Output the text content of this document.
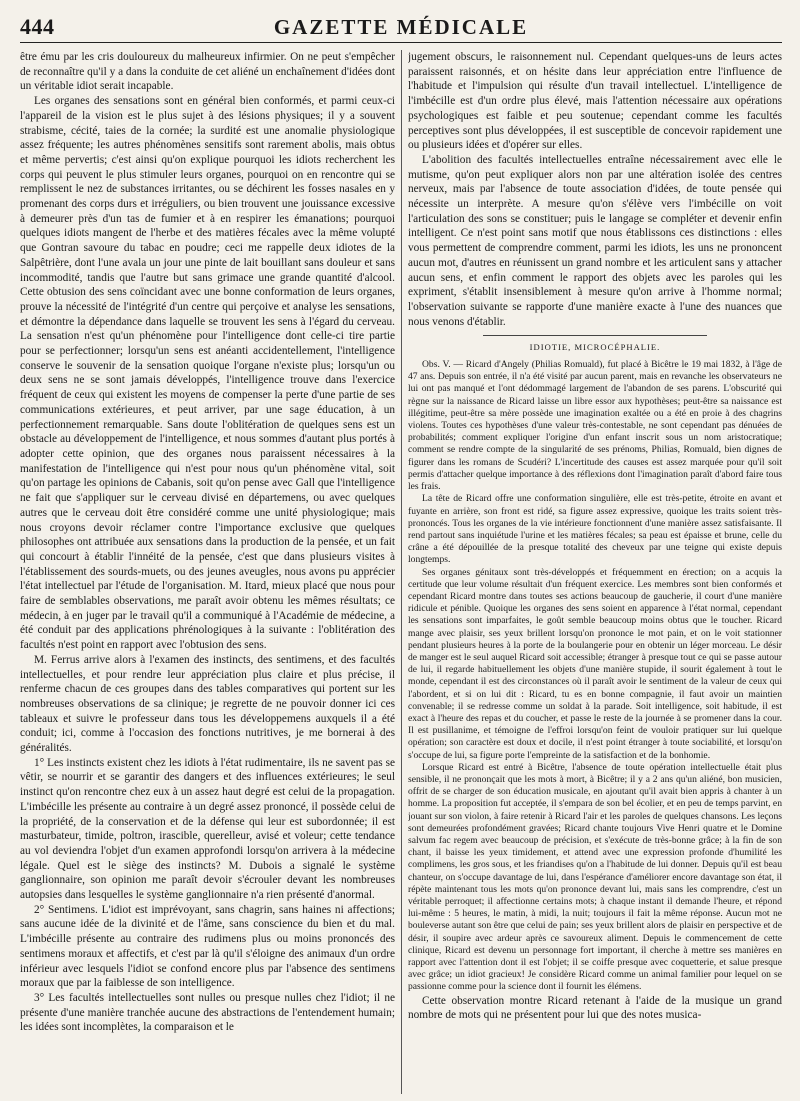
444	GAZETTE MÉDICALE

être ému par les cris douloureux du malheureux infirmier. On ne peut s'empêcher de reconnaître qu'il y a dans la conduite de cet aliéné un enchaînement d'idées dont un véritable idiot serait incapable.

Les organes des sensations sont en général bien conformés, et parmi ceux-ci l'appareil de la vision est le plus sujet à des lésions physiques; il y a souvent strabisme, cécité, taies de la cornée; la surdité est une anomalie physiologique assez fréquente; les autres phénomènes sensitifs sont rarement abolis, mais obtus et même pervertis; c'est ainsi qu'on explique pourquoi les idiots recherchent les corps qui peuvent le plus stimuler leurs organes, pourquoi on en rencontre qui se remplissent le nez de substances irritantes, ou se déchirent les fosses nasales en y promenant des corps durs et irréguliers, ou bien trouvent une jouissance excessive à demeurer près d'un tas de fumier et à en respirer les émanations; pourquoi quelques idiots mangent de l'herbe et des matières fécales avec la même volupté que Gontran savoure du tabac en poudre; ceci me rappelle deux idiotes de la Salpêtrière, dont l'une avala un jour une pinte de lait bouillant sans douleur et sans incommodité, tandis que l'autre but sans grimace une grande quantité d'alcool. Cette obtusion des sens coïncidant avec une bonne conformation de leurs organes, prouve la nécessité de l'intégrité d'un centre qui perçoive et analyse les sensations, et démontre la dépendance dans laquelle se trouvent les sens à l'égard du cerveau. La sensation n'est qu'un phénomène pour l'intelligence dont celle-ci tire partie pour se perfectionner; lorsqu'un sens est anéanti accidentellement, l'intelligence conserve le souvenir de la sensation quoique l'organe n'existe plus; lorsqu'un ou deux sens ne se sont jamais développés, l'intelligence trouve dans l'exercice fréquent de ceux qui existent les moyens de compenser la perte d'une partie de ses communications extérieures, et peut arriver, par une sage éducation, à un perfectionnement remarquable. Sans doute l'oblitération de quelques sens est un obstacle au développement de l'intelligence, et nous sommes d'autant plus portés à adopter cette opinion, que des organes nous paraissent nécessaires à la manifestation de l'intelligence qui n'est pour nous qu'un phénomène vital, soit qu'on partage les opinions de Cabanis, soit qu'on pense avec Gall que l'intelligence ne fait que s'appliquer sur le cerveau divisé en départemens, ou avec quelques autres que le cerveau doit être considéré comme une unité physiologique; mais nous croyons devoir réclamer contre l'importance exclusive que quelques philosophes ont attribuée aux sensations dans la production de la pensée, et un fait qui concourt à établir l'innéité de la pensée, c'est que dans plusieurs visites à l'établissement des sourds-muets, ou des jeunes aveugles, nous avons pu apprécier l'état intellectuel par l'étude de l'organisation. M. Itard, mieux placé que nous pour faire de semblables observations, me paraît avoir obtenu les mêmes résultats; ce médecin, à en juger par le travail qu'il a communiqué à l'Académie de médecine, a été conduit par des applications phrénologiques à la suivante : l'oblitération des facultés n'est point en rapport avec l'obtusion des sens.

M. Ferrus arrive alors à l'examen des instincts, des sentimens, et des facultés intellectuelles, et pour rendre leur appréciation plus claire et plus précise, il renferme chacun de ces groupes dans des tables comparatives qui portent sur les nombreuses observations de sa clinique; je regrette de ne pouvoir donner ici ces tableaux et suivre le professeur dans tous les développemens auxquels il a été conduit; ici, comme à l'occasion des fonctions nutritives, je me bornerai à des généralités.

1° Les instincts existent chez les idiots à l'état rudimentaire, ils ne savent pas se vêtir, se nourrir et se garantir des dangers et des influences extérieures; le seul instinct qu'on rencontre chez eux à un assez haut degré est celui de la propagation. L'imbécille les présente au contraire à un degré assez prononcé, il possède celui de la propriété, de la conservation et de la défense qui leur est subordonnée; il est masturbateur, timide, poltron, irascible, querelleur, avisé et voleur; cette tendance au vol deviendra l'objet d'un examen approfondi lorsqu'on arrivera à la médecine légale. Quel est le siège des instincts? M. Dubois a signalé le système ganglionnaire, son opinion me paraît devoir s'écrouler devant les nombreuses autopsies dans lesquelles le système ganglionnaire n'a rien présenté d'anormal.

2° Sentimens. L'idiot est imprévoyant, sans chagrin, sans haines ni affections; sans aucune idée de la divinité et de l'âme, sans conscience du bien et du mal. L'imbécille présente au contraire des rudimens plus ou moins prononcés des sentimens moraux et affectifs, et c'est par là qu'il s'éloigne des animaux d'un ordre inférieur avec lesquels l'idiot se confond encore plus par l'absence des sentimens moraux que par la faiblesse de son intelligence.

3° Les facultés intellectuelles sont nulles ou presque nulles chez l'idiot; il ne présente d'une manière tranchée aucune des abstractions de l'entendement humain; les idées sont incomplètes, la comparaison et le

jugement obscurs, le raisonnement nul. Cependant quelques-uns de leurs actes paraissent raisonnés, et on hésite dans leur appréciation entre l'influence de l'habitude et l'impulsion qui résulte d'un travail intellectuel. L'intelligence de l'imbécille est d'un ordre plus élevé, mais l'attention nécessaire aux opérations psychologiques est faible et peu soutenue; cependant comme les facultés perceptives sont plus développées, il est susceptible de concevoir rapidement une ou plusieurs idées et d'opérer sur elles.

L'abolition des facultés intellectuelles entraîne nécessairement avec elle le mutisme, qu'on peut expliquer alors non par une altération isolée des centres nerveux, mais par l'absence de toute association d'idées, de toute pensée qui nécessite un interprète. A mesure qu'on s'élève vers l'imbécille on voit l'articulation des sons se constituer; puis le langage se compléter et devenir enfin intelligent. Ce n'est point sans motif que nous établissons ces distinctions : elles vous permettent de comprendre comment, parmi les idiots, les uns ne prononcent aucun mot, d'autres en réunissent un grand nombre et les articulent sans y attacher aucun sens, et enfin comment le rapport des objets avec les paroles qui les expriment, s'établit insensiblement à mesure qu'on arrive à l'homme normal; l'observation suivante se rapporte d'une manière exacte à l'une des nuances que nous venons d'établir.

IDIOTIE, MICROCÉPHALIE.

Obs. V. — Ricard d'Angely (Philias Romuald), fut placé à Bicêtre le 19 mai 1832, à l'âge de 47 ans. Depuis son entrée, il n'a été visité par aucun parent, mais en revanche les observateurs ne lui ont pas manqué et l'ont dédommagé largement de l'abandon de ses parens. L'obscurité qui règne sur la naissance de Ricard laisse un libre essor aux hypothèses; peut-être sa naissance est illégitime, peut-être sa mère possède une imagination exaltée ou a été en proie à des chagrins violens. Toutes ces hypothèses d'une valeur très-contestable, ne sont cependant pas dénuées de probabilités; comment expliquer l'origine d'un enfant inscrit sous un nom aristocratique; comment se rendre compte de la singularité de ses prénoms, Philias, Romuald, bien dignes de figurer dans les romans de Scudéri? L'incertitude des causes est assez marquée pour qu'il soit permis d'attacher quelque importance à des réflexions dont l'imagination paraît d'abord faire tous les frais.

La tête de Ricard offre une conformation singulière, elle est très-petite, étroite en avant et fuyante en arrière, son front est ridé, sa figure assez expressive, quoique les traits soient très-prononcés. Tous les organes de la vie intérieure fonctionnent d'une manière assez satisfaisante. Il rend partout sans inquiétude l'urine et les matières fécales; sa peau est épaisse et brune, celle du crâne a été dépouillée de la presque totalité des cheveux par une teigne qui existe depuis longtemps.

Ses organes génitaux sont très-développés et fréquemment en érection; on a acquis la certitude que leur volume résultait d'un fréquent exercice. Les membres sont bien conformés et cependant Ricard montre dans toutes ses actions beaucoup de gaucherie, il court d'une manière ridicule et pénible. Quoique les organes des sens soient en apparence à l'état normal, cependant les sensations sont imparfaites, le goût semble beaucoup moins obtus que le toucher. Ricard mange avec plaisir, ses yeux brillent lorsqu'on prononce le mot pain, et on le voit stationner pendant plusieurs heures à la porte de la boulangerie pour en obtenir un léger morceau. Le désir de manger est le seul auquel Ricard soit accessible; étranger à presque tout ce qui se passe autour de lui, il regarde habituellement les objets d'une manière stupide, il sourit également à tout le monde, cependant il est des circonstances où il paraît avoir le sentiment de la valeur de ceux qui l'abordent, et si on lui dit : Ricard, tu es en bonne compagnie, il faut avoir un maintien convenable; il se redresse comme un soldat à la parade. Soit intelligence, soit habitude, il est exact à l'heure des repas et du coucher, et passe le reste de la journée à se promener dans la cour. Il est pusillanime, et témoigne de l'effroi lorsqu'on feint de vouloir pratiquer sur lui quelque opération; son caractère est doux et docile, il n'est point étranger à toute sociabilité, et lorsqu'on s'occupe de lui, sa figure porte l'empreinte de la satisfaction et de la bonhomie.

Lorsque Ricard est entré à Bicêtre, l'absence de toute opération intellectuelle était plus sensible, il ne prononçait que les mots à mort, à Bicêtre; il y a 2 ans qu'un aliéné, bon musicien, offrit de se charger de son éducation musicale, en ajoutant qu'il avait bien appris à chanter à un homme. La proposition fut acceptée, il s'empara de son bel écolier, et en peu de temps parvint, en jouant sur son violon, à faire retenir à Ricard l'air et les paroles de quelques chansons. Les leçons sont demeurées profondément gravées; Ricard chante toujours Vive Henri quatre et le Domine salvum fac regem avec beaucoup de précision, et s'exécute de très-bonne grâce; à la fin de son chant, il baisse les yeux timidement, et attend avec une expression profonde d'humilité les complimens, les gros sous, et les friandises qu'on a l'habitude de lui donner. Depuis qu'il est beau chanteur, on s'occupe davantage de lui, dans l'espérance d'améliorer encore davantage son état, il répète maintenant tous les mots qu'on prononce devant lui, mais sans les comprendre, c'est un véritable perroquet; il affectionne certains mots; à chaque instant il demande l'heure, et répond lui-même : 5 heures, le matin, à midi, la nuit; toujours il fait la même réponse. Aucun mot ne bouleverse autant son être que celui de pain; ses yeux brillent alors de plaisir en perspective et de désir, il soupire avec ardeur après ce savoureux aliment. Depuis le commencement de cette clinique, Ricard est devenu un personnage fort important, il cherche à mettre ses manières en rapport avec l'attention dont il est l'objet; il se coiffe presque avec coquetterie, et salue presque avec grâce; un idiot gracieux! Je considère Ricard comme un animal familier pour lequel on se passionne comme pour la science dont il fournit les élémens.

Cette observation montre Ricard retenant à l'aide de la musique un grand nombre de mots qui ne présentent pour lui que des notes musica-
